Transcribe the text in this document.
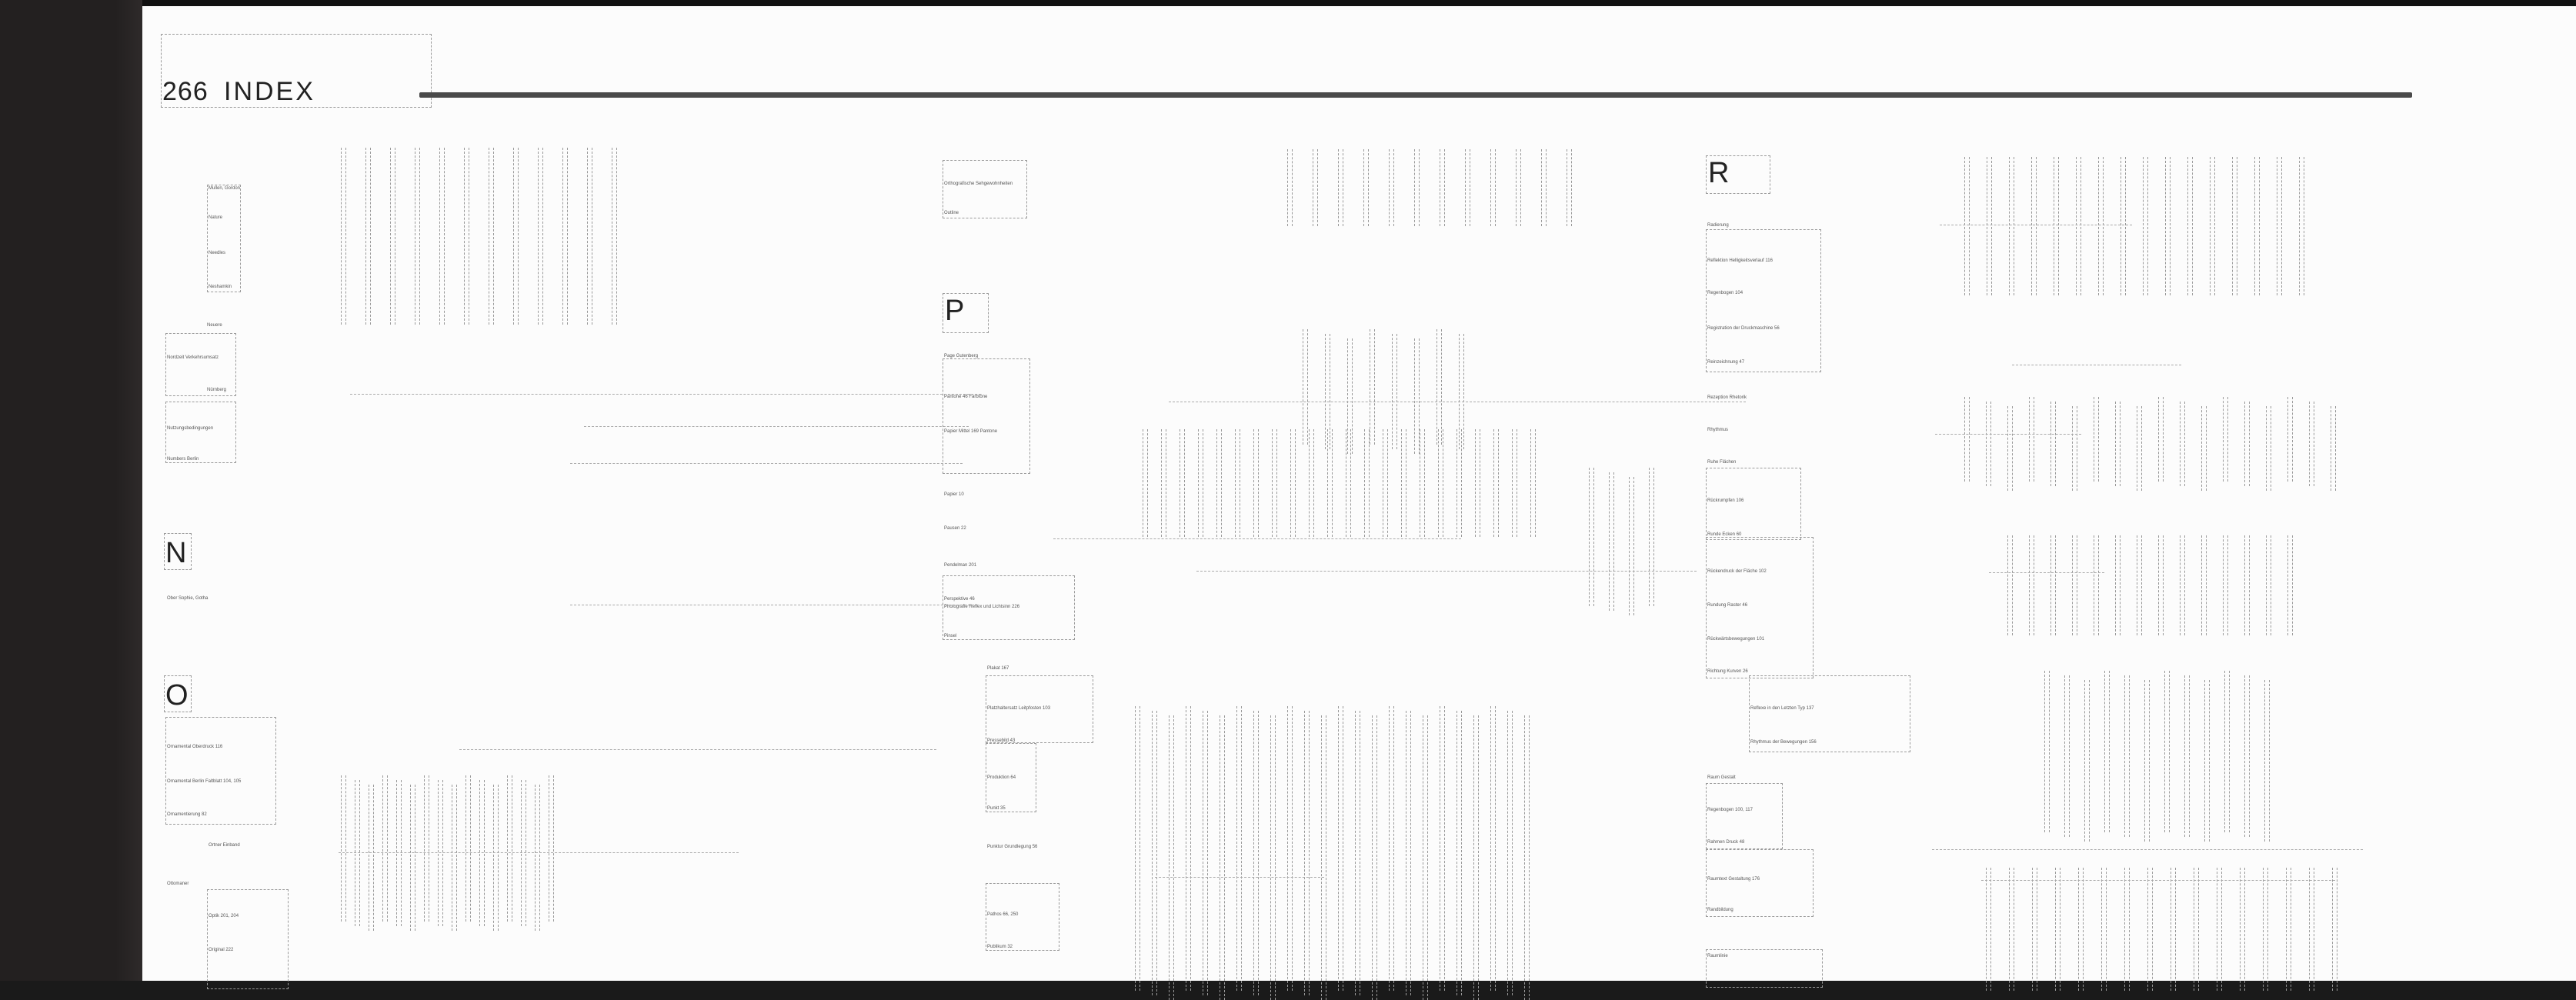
266 INDEX
N
O
P
R
Mullen, Gordon
Nature
Needles
Neshamkin
Neuere
Nordzeit Verkehrsumsatz
Nürnberg
Nutzungsbedingungen
Numbers Berlin
Ober Sophie, Gotha
Ornamental Oberdruck 116
Ornamental Berlin Faltblatt 104, 105
Ornamentierung 82
Ortner Einband
Ottomaner
Optik 201, 204
Original 222
Orthografische Sehgewohnheiten
Outline
Page Gutenberg
Pantone 46 Farbtöne
Papier Mittel 169 Pantone
Papier 10
Pausen 22
Pendelman 201
Perspektive 46
Photografie Reflex und Lichtsinn 226
Pinsel
Plakat 167
Platzhaltersatz Leitpfosten 103
Pressebild 43
Produktion 64
Punkt 35
Punktur Grundlegung 56
Pathos 66, 250
Publikum 32
Radierung
Reflektion Helligkeitsverlauf 116
Regenbogen 104
Registration der Druckmaschine 56
Reinzeichnung 47
Rezeption Rhetorik
Rhythmus
Ruhe Flächen
Rückrumpfen 106
Runde Ecken 60
Rückendruck der Fläche 102
Rundung Raster 46
Rückwärtsbewegungen 101
Richtung Kurven 26
Reflexe in den Letzten Typ 137
Rhythmus der Bewegungen 156
Raum Gestalt
Regenbogen 100, 117
Rahmen Druck 48
Raumtext Gestaltung 176
Randbildung
Raumlinie
